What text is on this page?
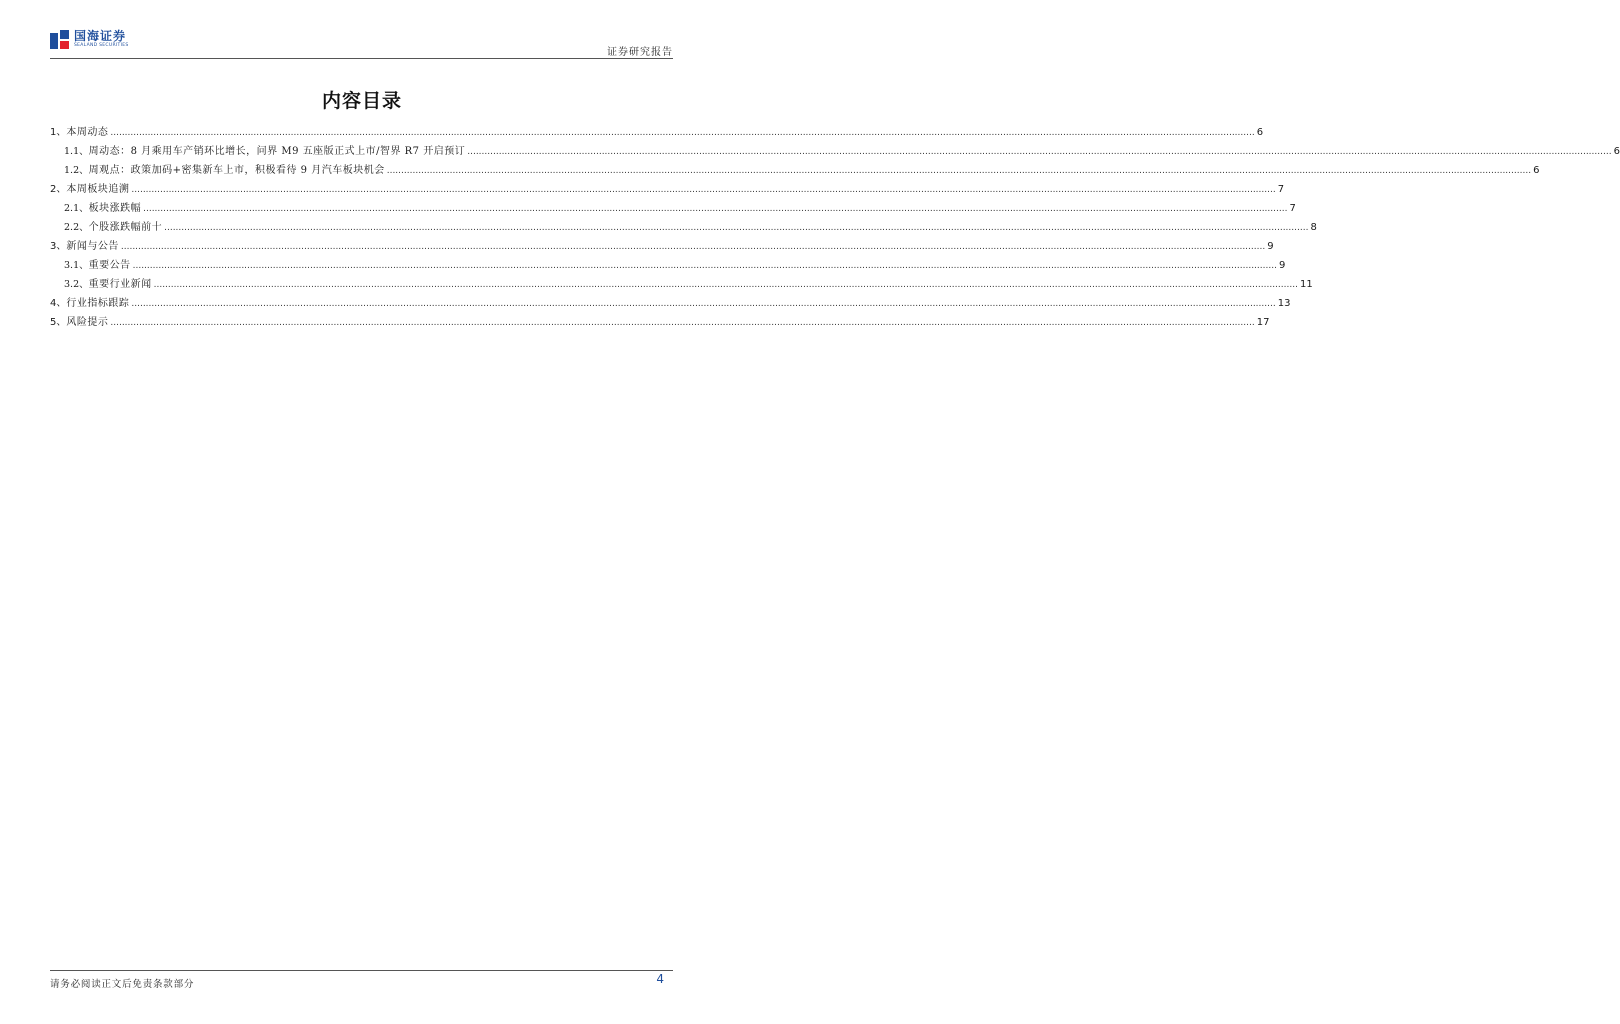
国海证券
SEALAND SECURITIES
证券研究报告
内容目录
1、 本周动态 ................................................................................................................................................................................................................................................................................................................................................................................................................ 6
1.1、 周动态：8 月乘用车产销环比增长，问界 M9 五座版正式上市/智界 R7 开启预订 ................................................................................................................................................................................................................................................................................................................................................................................................................ 6
1.2、 周观点：政策加码+密集新车上市，积极看待 9 月汽车板块机会 ................................................................................................................................................................................................................................................................................................................................................................................................................ 6
2、 本周板块追溯 ................................................................................................................................................................................................................................................................................................................................................................................................................ 7
2.1、 板块涨跌幅 ................................................................................................................................................................................................................................................................................................................................................................................................................ 7
2.2、 个股涨跌幅前十 ................................................................................................................................................................................................................................................................................................................................................................................................................ 8
3、 新闻与公告 ................................................................................................................................................................................................................................................................................................................................................................................................................ 9
3.1、 重要公告 ................................................................................................................................................................................................................................................................................................................................................................................................................ 9
3.2、 重要行业新闻 ................................................................................................................................................................................................................................................................................................................................................................................................................ 11
4、 行业指标跟踪 ................................................................................................................................................................................................................................................................................................................................................................................................................ 13
5、 风险提示 ................................................................................................................................................................................................................................................................................................................................................................................................................ 17
请务必阅读正文后免责条款部分	4
